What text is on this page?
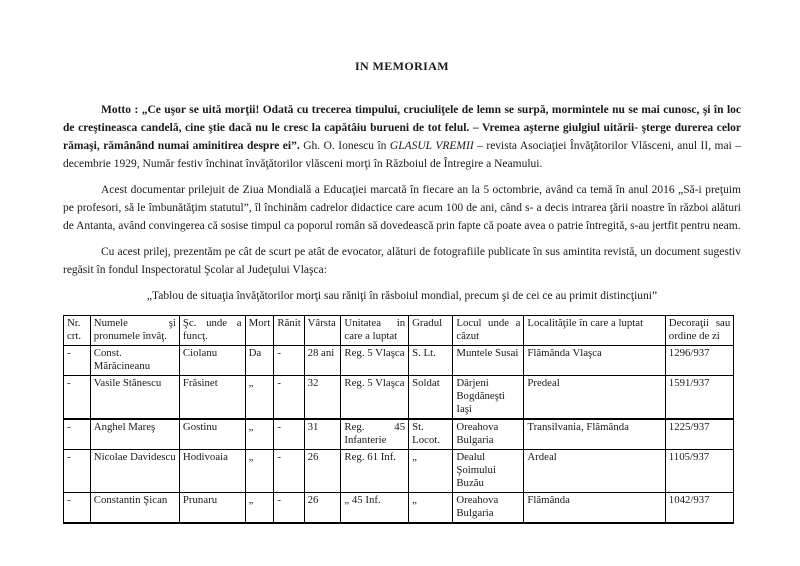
IN MEMORIAM

Motto : „Ce uşor se uită morţii! Odată cu trecerea timpului, cruciuliţele de lemn se surpă, mormintele nu se mai cunosc, şi în loc de creştineasca candelă, cine ştie dacă nu le cresc la capătâiu burueni de tot felul. – Vremea aşterne giulgiul uitării- şterge durerea celor rămaşi, rămânând numai aminitirea despre ei”. Gh. O. Ionescu în GLASUL VREMII – revista Asociaţiei Învăţătorilor Vlăsceni, anul II, mai – decembrie 1929, Număr festiv închinat învăţătorilor vlăsceni morţi în Războiul de Întregire a Neamului.

Acest documentar prilejuit de Ziua Mondială a Educaţiei marcată în fiecare an la 5 octombrie, având ca temă în anul 2016 „Să-i preţuim pe profesori, să le îmbunătăţim statutul”, îl închinăm cadrelor didactice care acum 100 de ani, când s- a decis intrarea ţării noastre în război alături de Antanta, având convingerea că sosise timpul ca poporul român să dovedească prin fapte că poate avea o patrie întregită, s-au jertfit pentru neam.

Cu acest prilej, prezentăm pe cât de scurt pe atât de evocator, alături de fotografiile publicate în sus amintita revistă, un document sugestiv regăsit în fondul Inspectoratul Şcolar al Judeţului Vlaşca:

„Tablou de situaţia învăţătorilor morţi sau răniţi în răsboiul mondial, precum şi de cei ce au primit distincţiuni”

Nr. crt.	Numele şi pronumele învăţ.	Şc. unde a funcţ.	Mort	Rănit	Vârsta	Unitatea in care a luptat	Gradul	Locul unde a căzut	Localităţile în care a luptat	Decoraţii sau ordine de zi
-	Const. Mărăcineanu	Ciolanu	Da	-	28 ani	Reg. 5 Vlaşca	S. Lt.	Muntele Susai	Flămânda Vlaşca	1296/937
-	Vasile Stănescu	Frăsinet	„	-	32	Reg. 5 Vlaşca	Soldat	Dârjeni Bogdăneşti Iaşi	Predeal	1591/937
-	Anghel Mareş	Gostinu	„	-	31	Reg. 45 Infanterie	St. Locot.	Oreahova Bulgaria	Transilvania, Flămânda	1225/937
-	Nicolae Davidescu	Hodivoaia	„	-	26	Reg. 61 Inf.	„	Dealul Şoimului Buzău	Ardeal	1105/937
-	Constantin Şican	Prunaru	„	-	26	„ 45 Inf.	„	Oreahova Bulgaria	Flămânda	1042/937
